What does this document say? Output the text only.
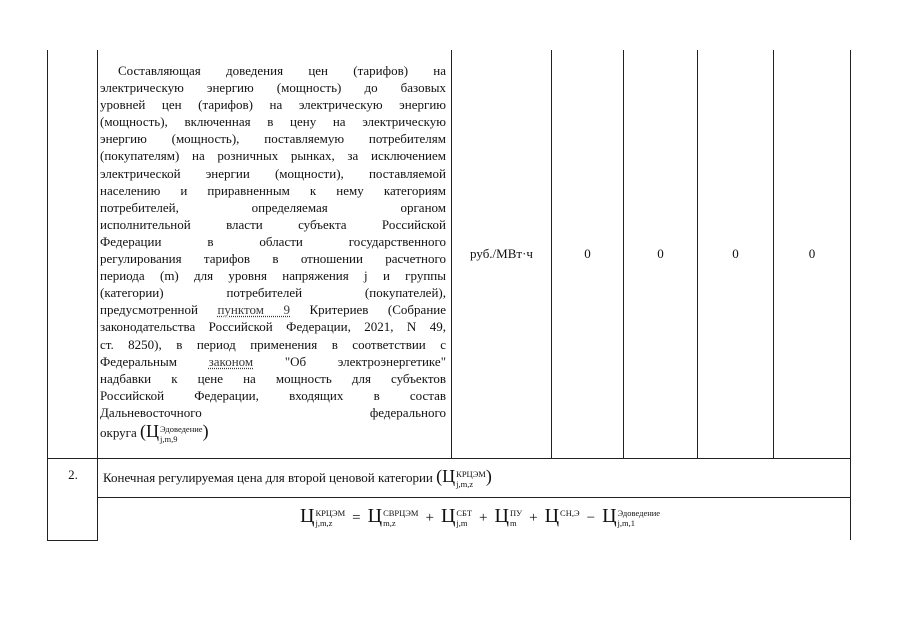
Составляющая доведения цен (тарифов) на
электрическую энергию (мощность) до базовых
уровней цен (тарифов) на электрическую энергию
(мощность), включенная в цену на электрическую
энергию (мощность), поставляемую потребителям
(покупателям) на розничных рынках, за исключением
электрической энергии (мощности), поставляемой
населению и приравненным к нему категориям
потребителей, определяемая органом
исполнительной власти субъекта Российской
Федерации в области государственного
регулирования тарифов в отношении расчетного
периода (m) для уровня напряжения j и группы
(категории) потребителей (покупателей),
предусмотренной пунктом 9 Критериев (Собрание
законодательства Российской Федерации, 2021, N 49,
ст. 8250), в период применения в соответствии с
Федеральным законом "Об электроэнергетике"
надбавки к цене на мощность для субъектов
Российской Федерации, входящих в состав
Дальневосточного федерального
округа (Ц Эдоведение
j,m,9	)
руб./МВт·ч	0	0	0	0
2.	Конечная регулируемая цена для второй ценовой категории (Ц КРЦЭМ
j,m,z )
Ц КРЦЭМ
j,m,z	= Ц СВРЦЭМ
m,z	+ Ц СБТ
j,m + Ц ПУ
m + Ц СН,Э
− Ц Эдоведение
j,m,1
